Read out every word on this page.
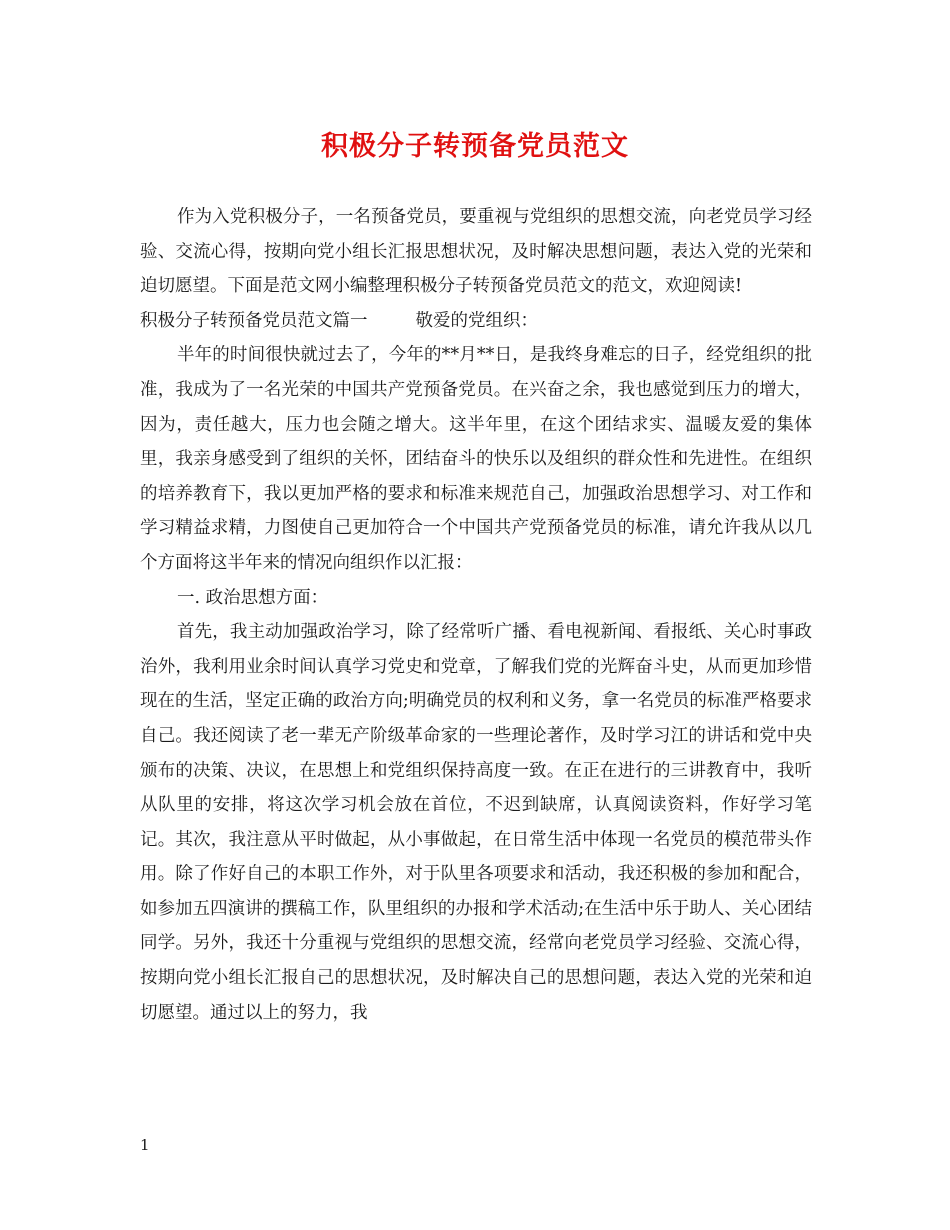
积极分子转预备党员范文

作为入党积极分子，一名预备党员，要重视与党组织的思想交流，向老党员学习经验、交流心得，按期向党小组长汇报思想状况，及时解决思想问题，表达入党的光荣和迫切愿望。下面是范文网小编整理积极分子转预备党员范文的范文，欢迎阅读!

积极分子转预备党员范文篇一	敬爱的党组织：

半年的时间很快就过去了，今年的**月**日，是我终身难忘的日子，经党组织的批准，我成为了一名光荣的中国共产党预备党员。在兴奋之余，我也感觉到压力的增大，因为，责任越大，压力也会随之增大。这半年里，在这个团结求实、温暖友爱的集体里，我亲身感受到了组织的关怀，团结奋斗的快乐以及组织的群众性和先进性。在组织的培养教育下，我以更加严格的要求和标准来规范自己，加强政治思想学习、对工作和学习精益求精，力图使自己更加符合一个中国共产党预备党员的标准，请允许我从以几个方面将这半年来的情况向组织作以汇报：

一. 政治思想方面：

首先，我主动加强政治学习，除了经常听广播、看电视新闻、看报纸、关心时事政治外，我利用业余时间认真学习党史和党章，了解我们党的光辉奋斗史，从而更加珍惜现在的生活，坚定正确的政治方向;明确党员的权利和义务，拿一名党员的标准严格要求自己。我还阅读了老一辈无产阶级革命家的一些理论著作，及时学习江的讲话和党中央颁布的决策、决议，在思想上和党组织保持高度一致。在正在进行的三讲教育中，我听从队里的安排，将这次学习机会放在首位，不迟到缺席，认真阅读资料，作好学习笔记。其次，我注意从平时做起，从小事做起，在日常生活中体现一名党员的模范带头作用。除了作好自己的本职工作外，对于队里各项要求和活动，我还积极的参加和配合，如参加五四演讲的撰稿工作，队里组织的办报和学术活动;在生活中乐于助人、关心团结同学。另外，我还十分重视与党组织的思想交流，经常向老党员学习经验、交流心得，按期向党小组长汇报自己的思想状况，及时解决自己的思想问题，表达入党的光荣和迫切愿望。通过以上的努力，我

1
